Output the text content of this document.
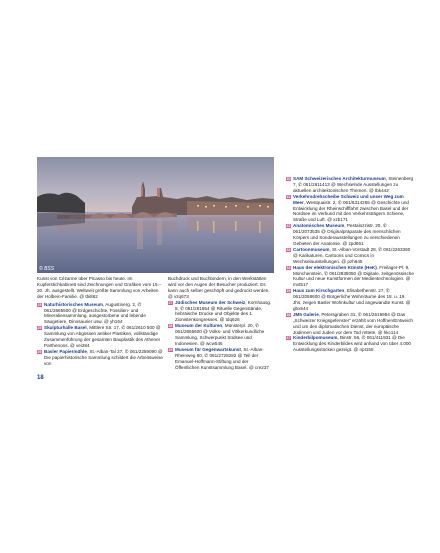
© BSS

Kunst von Cézanne über Picasso bis heute. Im Kupferstichkabinett sind Zeichnungen und Grafiken vom 15.–20. Jh. ausgestellt. Weltweit größte Sammlung von Arbeiten der Holbein-Familie. @ tbi862

24 Naturhistorisches Museum, Augustinerg. 2, ✆ 061/2665500 @ Erdgeschichte, Fossilien- und Mineraliensammlung, ausgestorbene und lebende Säugetiere, Dinosaurier usw. @ yh164

25 Skulpturhalle Basel, Mittlere Str. 17, ✆ 061/2610 500 @ Sammlung von Abgüssen antiker Plastiken, vollständige Zusammenführung der gesamten Bauplastik des Athener Parthenons. @ vei284

26 Basler Papiermühle, St.-Alban-Tal 37, ✆ 061/2259090 @ Die papierhistorische Sammlung schildert die Arbeitsweise von

Buchdruck und Buchbindern, in den Werkstätten wird vor den Augen der Besucher produziert. Es kann auch selber geschöpft und gedruckt werden. @ vzq673

27 Jüdisches Museum der Schweiz, Kornhausg. 8, ✆ 061/261954 @ Rituelle Gegenstände, hebräische Drucke und Objekte des 1. Zionistenkongresses. @ tdq626

28 Museum der Kulturen, Münsterpl. 20, ✆ 061/2665600 @ Volks- und Völkerkundliche Sammlung, Schwerpunkt Südsee und Indonesien. @ wcw545

29 Museum für Gegenwartskunst, St.-Alban-Rheinweg 60, ✆ 061/2728282 @ Teil der Emanuel-Hoffmann-Stiftung und der Öffentlichen Kunstsammlung Basel. @ cre237

30 SAM Schweizerisches Architekturmuseum, Steinenberg 7, ✆ 061/2611413 @ Wechselnde Ausstellungen zu aktuellen architektonischen Themen. @ tbk442

31 Verkehrsdrehscheibe Schweiz und unser Weg zum Meer, Westquaistr. 2, ✆ 061/6314265 @ Geschichte und Entwicklung der Rheinschifffahrt zwischen Basel und der Nordsee im Verbund mit den Verkehrsträgern Schiene, Straße und Luft. @ xzb171

32 Anatomisches Museum, Pestalozzistr. 20, ✆ 061/2073535 @ Originalpräparate des menschlichen Körpers und Sonderausstellungen zu verschiedenen Gebieten der Anatomie. @ zpd661

33 Cartoonmuseum, St.-Alban-Vorstadt 28, ✆ 061/2263360 @ Karikaturen, Cartoons und Comics in Wechselausstellungen. @ pzh645

34 Haus der elektronischen Künste (HeK), Freilager-Pl. 9, Münchenstein, ✆ 061/2835050 @ Digitale, zeitgenössische Kultur und neue Kunstformen der Medientechnologien. @ mvt517

35 Haus zum Kirschgarten, Elisabethenstr. 27, ✆ 061/2058600 @ Bürgerliche Wohnräume des 18. u. 19. Jhs, zeigen Basler Wohnkultur und angewandte Kunst. @ gbx544

36 JM5 Galerie, Petersgraben 31, ✆ 061/2619954 @ Das „Schweizer Kriegsgefenster“ erzählt vom Hoffnen/Entweich und um den diplomatischen Dienst, der europäische Jüdinnen und Juden vor dem Tod rettete. @ hkc114

37 Kinderbilpomuseum, Binstr. 56, ✆ 061/411931 @ Die Entwicklung des Kinderbildes wird anhand von über 4.000 Ausstellungsstücken gezeigt. @ npt155

18
